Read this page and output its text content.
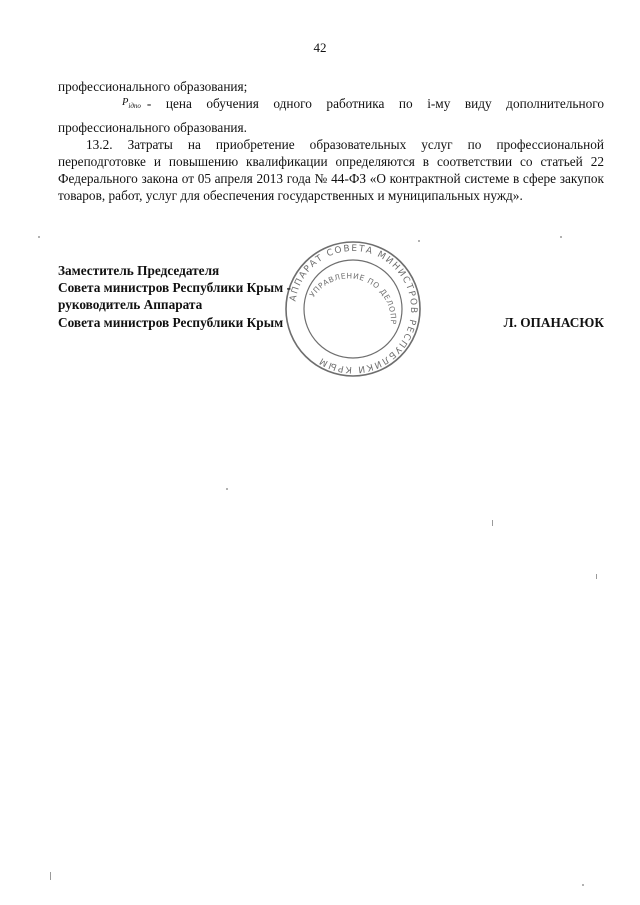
42

профессионального образования;

$P_{iдпо}$ - цена обучения одного работника по i-му виду дополнительного профессионального образования.

13.2. Затраты на приобретение образовательных услуг по профессиональной переподготовке и повышению квалификации определяются в соответствии со статьей 22 Федерального закона от 05 апреля 2013 года № 44-ФЗ «О контрактной системе в сфере закупок товаров, работ, услуг для обеспечения государственных и муниципальных нужд».

АППАРАТ СОВЕТА МИНИСТРОВ РЕСПУБЛИКИ КРЫМ
УПРАВЛЕНИЕ ПО ДЕЛОПРОИЗВОДСТВУ
Заместитель Председателя
Совета министров Республики Крым -
руководитель Аппарата
Совета министров Республики Крым	Л. ОПАНАСЮК
